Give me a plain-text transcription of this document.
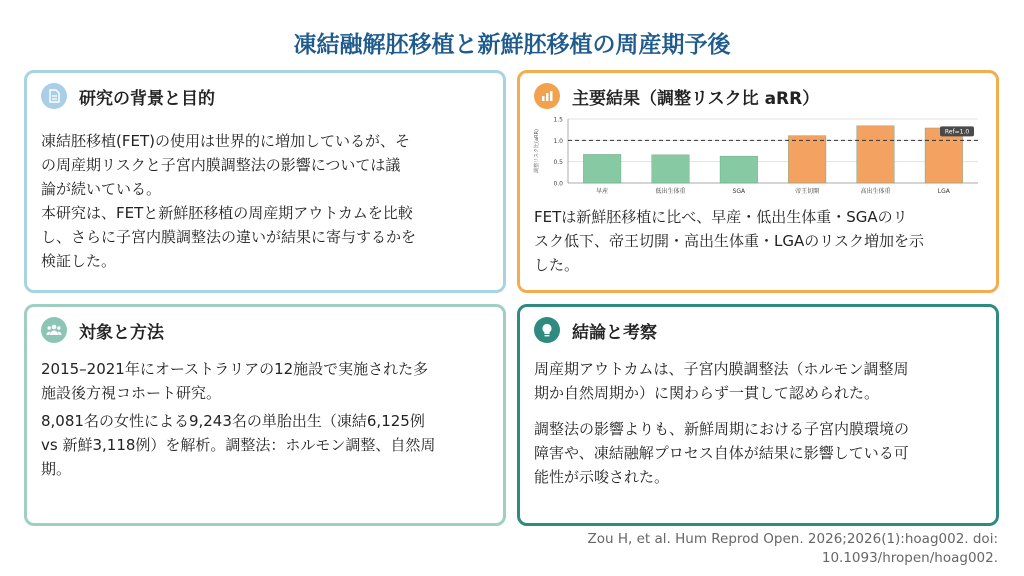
凍結融解胚移植と新鮮胚移植の周産期予後
研究の背景と目的
凍結胚移植(FET)の使用は世界的に増加しているが、そ
の周産期リスクと子宮内膜調整法の影響については議
論が続いている。
本研究は、FETと新鮮胚移植の周産期アウトカムを比較
し、さらに子宮内膜調整法の違いが結果に寄与するかを
検証した。
主要結果（調整リスク比 aRR）
0.0
0.5
1.0
1.5
調整リスク比(aRR)
早産	低出生体重	SGA	帝王切開	高出生体重	LGA
Ref=1.0
FETは新鮮胚移植に比べ、早産・低出生体重・SGAのリ
スク低下、帝王切開・高出生体重・LGAのリスク増加を示
した。
対象と方法

2015–2021年にオーストラリアの12施設で実施された多
施設後方視コホート研究。

8,081名の女性による9,243名の単胎出生（凍結6,125例
vs 新鮮3,118例）を解析。調整法：ホルモン調整、自然周
期。

結論と考察

周産期アウトカムは、子宮内膜調整法（ホルモン調整周
期か自然周期か）に関わらず一貫して認められた。

調整法の影響よりも、新鮮周期における子宮内膜環境の
障害や、凍結融解プロセス自体が結果に影響している可
能性が示唆された。

Zou H, et al. Hum Reprod Open. 2026;2026(1):hoag002. doi:
10.1093/hropen/hoag002.
